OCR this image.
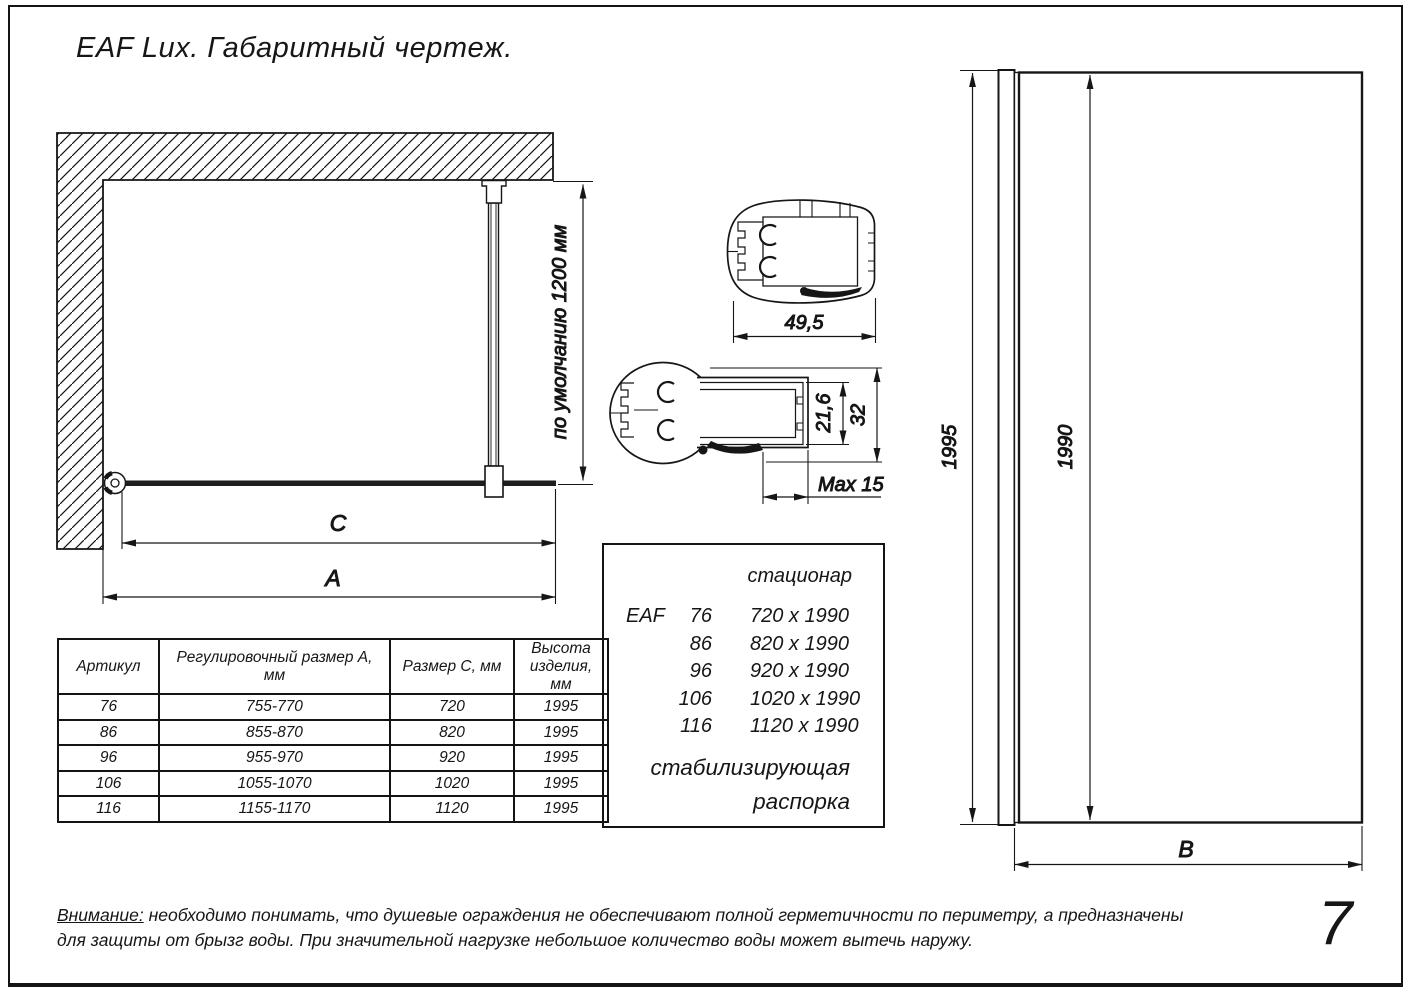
EAF Lux. Габаритный чертеж.
по умолчанию 1200 мм
C
A
49,5
32
21,6
Max 15
1995	1990
B
Артикул	Регулировочный размер А, мм	Размер С, мм	Высота изделия, мм
76	755-770	720	1995
86	855-870	820	1995
96	955-970	920	1995
106	1055-1070	1020	1995
116	1155-1170	1120	1995
стационар
EAF	76 720 x 1990
86 820 x 1990
96 920 x 1990
106 1020 x 1990
116 1120 x 1990
стабилизирующая
распорка
Внимание: необходимо понимать, что душевые ограждения не обеспечивают полной герметичности по периметру, а предназначены
для защиты от брызг воды. При значительной нагрузке небольшое количество воды может вытечь наружу.	7
